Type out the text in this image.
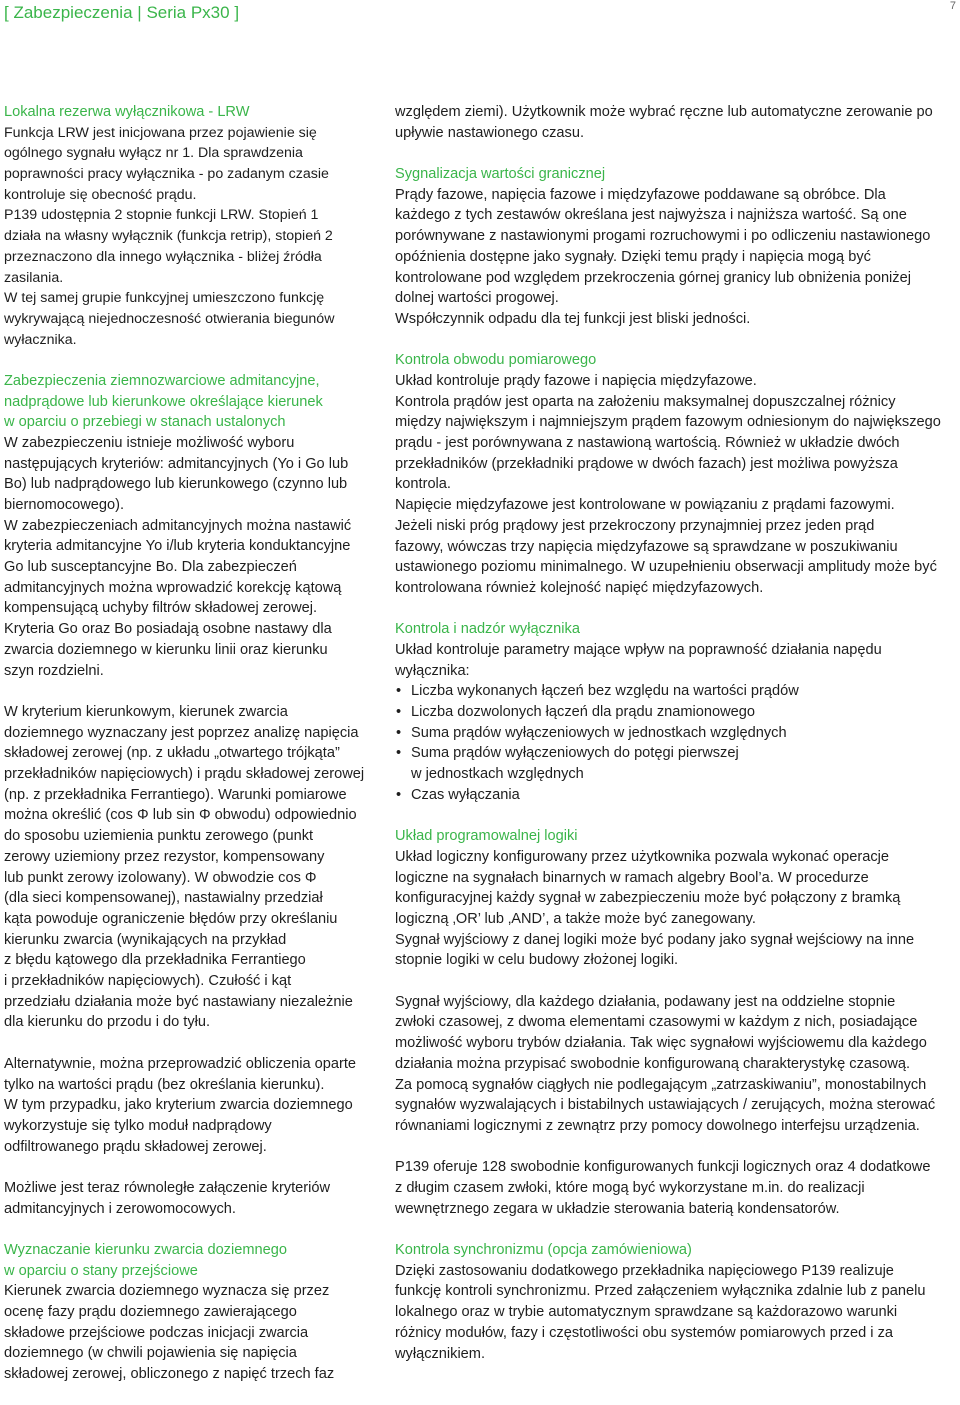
[ Zabezpieczenia | Seria Px30 ]	7
Lokalna rezerwa wyłącznikowa - LRW

Funkcja LRW jest inicjowana przez pojawienie się
ogólnego sygnału wyłącz nr 1. Dla sprawdzenia
poprawności pracy wyłącznika - po zadanym czasie
kontroluje się obecność prądu.
P139 udostępnia 2 stopnie funkcji LRW. Stopień 1
działa na własny wyłącznik (funkcja retrip), stopień 2
przeznaczono dla innego wyłącznika - bliżej źródła
zasilania.
W tej samej grupie funkcyjnej umieszczono funkcję
wykrywającą niejednoczesność otwierania biegunów
wyłacznika.

Zabezpieczenia ziemnozwarciowe admitancyjne,
nadprądowe lub kierunkowe określające kierunek
w oparciu o przebiegi w stanach ustalonych

W zabezpieczeniu istnieje możliwość wyboru
następujących kryteriów: admitancyjnych (Yo i Go lub
Bo) lub nadprądowego lub kierunkowego (czynno lub
biernomocowego).
W zabezpieczeniach admitancyjnych można nastawić
kryteria admitancyjne Yo i/lub kryteria konduktancyjne
Go lub susceptancyjne Bo. Dla zabezpieczeń
admitancyjnych można wprowadzić korekcję kątową
kompensującą uchyby filtrów składowej zerowej.
Kryteria Go oraz Bo posiadają osobne nastawy dla
zwarcia doziemnego w kierunku linii oraz kierunku
szyn rozdzielni.

W kryterium kierunkowym, kierunek zwarcia
doziemnego wyznaczany jest poprzez analizę napięcia
składowej zerowej (np. z układu „otwartego trójkąta”
przekładników napięciowych) i prądu składowej zerowej
(np. z przekładnika Ferrantiego). Warunki pomiarowe
można określić (cos Φ lub sin Φ obwodu) odpowiednio
do sposobu uziemienia punktu zerowego (punkt
zerowy uziemiony przez rezystor, kompensowany
lub punkt zerowy izolowany). W obwodzie cos Φ
(dla sieci kompensowanej), nastawialny przedział
kąta powoduje ograniczenie błędów przy określaniu
kierunku zwarcia (wynikających na przykład
z błędu kątowego dla przekładnika Ferrantiego
i przekładników napięciowych). Czułość i kąt
przedziału działania może być nastawiany niezależnie
dla kierunku do przodu i do tyłu.

Alternatywnie, można przeprowadzić obliczenia oparte
tylko na wartości prądu (bez określania kierunku).
W tym przypadku, jako kryterium zwarcia doziemnego
wykorzystuje się tylko moduł nadprądowy
odfiltrowanego prądu składowej zerowej.

Możliwe jest teraz równoległe załączenie kryteriów
admitancyjnych i zerowomocowych.

Wyznaczanie kierunku zwarcia doziemnego
w oparciu o stany przejściowe

Kierunek zwarcia doziemnego wyznacza się przez
ocenę fazy prądu doziemnego zawierającego
składowe przejściowe podczas inicjacji zwarcia
doziemnego (w chwili pojawienia się napięcia
składowej zerowej, obliczonego z napięć trzech faz

względem ziemi). Użytkownik może wybrać ręczne lub automatyczne zerowanie po
upływie nastawionego czasu.

Sygnalizacja wartości granicznej

Prądy fazowe, napięcia fazowe i międzyfazowe poddawane są obróbce. Dla
każdego z tych zestawów określana jest najwyższa i najniższa wartość. Są one
porównywane z nastawionymi progami rozruchowymi i po odliczeniu nastawionego
opóźnienia dostępne jako sygnały. Dzięki temu prądy i napięcia mogą być
kontrolowane pod względem przekroczenia górnej granicy lub obniżenia poniżej
dolnej wartości progowej.
Współczynnik odpadu dla tej funkcji jest bliski jedności.

Kontrola obwodu pomiarowego

Układ kontroluje prądy fazowe i napięcia międzyfazowe.
Kontrola prądów jest oparta na założeniu maksymalnej dopuszczalnej różnicy
między największym i najmniejszym prądem fazowym odniesionym do największego
prądu - jest porównywana z nastawioną wartością. Również w układzie dwóch
przekładników (przekładniki prądowe w dwóch fazach) jest możliwa powyższa
kontrola.
Napięcie międzyfazowe jest kontrolowane w powiązaniu z prądami fazowymi.
Jeżeli niski próg prądowy jest przekroczony przynajmniej przez jeden prąd
fazowy, wówczas trzy napięcia międzyfazowe są sprawdzane w poszukiwaniu
ustawionego poziomu minimalnego. W uzupełnieniu obserwacji amplitudy może być
kontrolowana również kolejność napięć międzyfazowych.

Kontrola i nadzór wyłącznika

Układ kontroluje parametry mające wpływ na poprawność działania napędu
wyłącznika:

• Liczba wykonanych łączeń bez względu na wartości prądów
• Liczba dozwolonych łączeń dla prądu znamionowego
• Suma prądów wyłączeniowych w jednostkach względnych
• Suma prądów wyłączeniowych do potęgi pierwszej
w jednostkach względnych
• Czas wyłączania
Układ programowalnej logiki

Układ logiczny konfigurowany przez użytkownika pozwala wykonać operacje
logiczne na sygnałach binarnych w ramach algebry Bool’a. W procedurze
konfiguracyjnej każdy sygnał w zabezpieczeniu może być połączony z bramką
logiczną ‚OR’ lub ‚AND’, a także może być zanegowany.
Sygnał wyjściowy z danej logiki może być podany jako sygnał wejściowy na inne
stopnie logiki w celu budowy złożonej logiki.

Sygnał wyjściowy, dla każdego działania, podawany jest na oddzielne stopnie
zwłoki czasowej, z dwoma elementami czasowymi w każdym z nich, posiadające
możliwość wyboru trybów działania. Tak więc sygnałowi wyjściowemu dla każdego
działania można przypisać swobodnie konfigurowaną charakterystykę czasową.
Za pomocą sygnałów ciągłych nie podlegającym „zatrzaskiwaniu”, monostabilnych
sygnałów wyzwalających i bistabilnych ustawiających / zerujących, można sterować
równaniami logicznymi z zewnątrz przy pomocy dowolnego interfejsu urządzenia.

P139 oferuje 128 swobodnie konfigurowanych funkcji logicznych oraz 4 dodatkowe
z długim czasem zwłoki, które mogą być wykorzystane m.in. do realizacji
wewnętrznego zegara w układzie sterowania baterią kondensatorów.

Kontrola synchronizmu (opcja zamówieniowa)

Dzięki zastosowaniu dodatkowego przekładnika napięciowego P139 realizuje
funkcję kontroli synchronizmu. Przed załączeniem wyłącznika zdalnie lub z panelu
lokalnego oraz w trybie automatycznym sprawdzane są każdorazowo warunki
różnicy modułów, fazy i częstotliwości obu systemów pomiarowych przed i za
wyłącznikiem.
